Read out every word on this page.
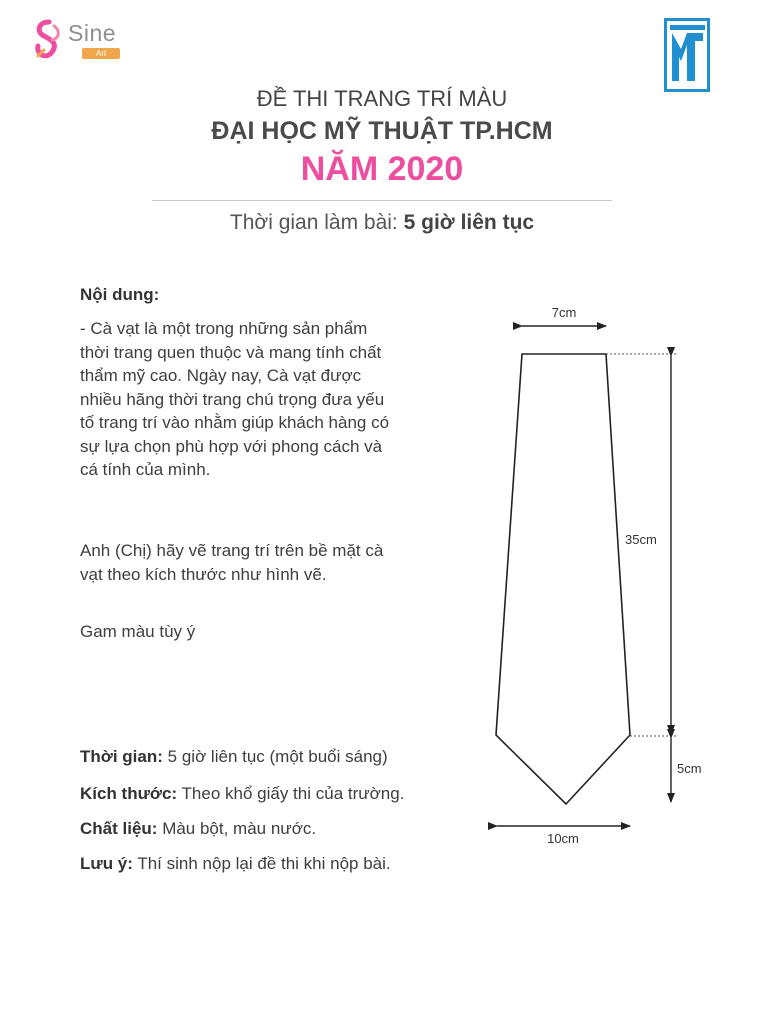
Sine
Art
ĐỀ THI TRANG TRÍ MÀU
ĐẠI HỌC MỸ THUẬT TP.HCM
NĂM 2020
Thời gian làm bài: 5 giờ liên tục
Nội dung:
- Cà vạt là một trong những sản phẩm thời trang quen thuộc và mang tính chất thẩm mỹ cao. Ngày nay, Cà vạt được nhiều hãng thời trang chú trọng đưa yếu tố trang trí vào nhằm giúp khách hàng có sự lựa chọn phù hợp với phong cách và cá tính của mình.
Anh (Chị) hãy vẽ trang trí trên bề mặt cà vạt theo kích thước như hình vẽ.
Gam màu tùy ý
Thời gian: 5 giờ liên tục (một buổi sáng)
Kích thước: Theo khổ giấy thi của trường.
Chất liệu: Màu bột, màu nước.
Lưu ý: Thí sinh nộp lại đề thi khi nộp bài.
7cm
35cm
5cm
10cm
